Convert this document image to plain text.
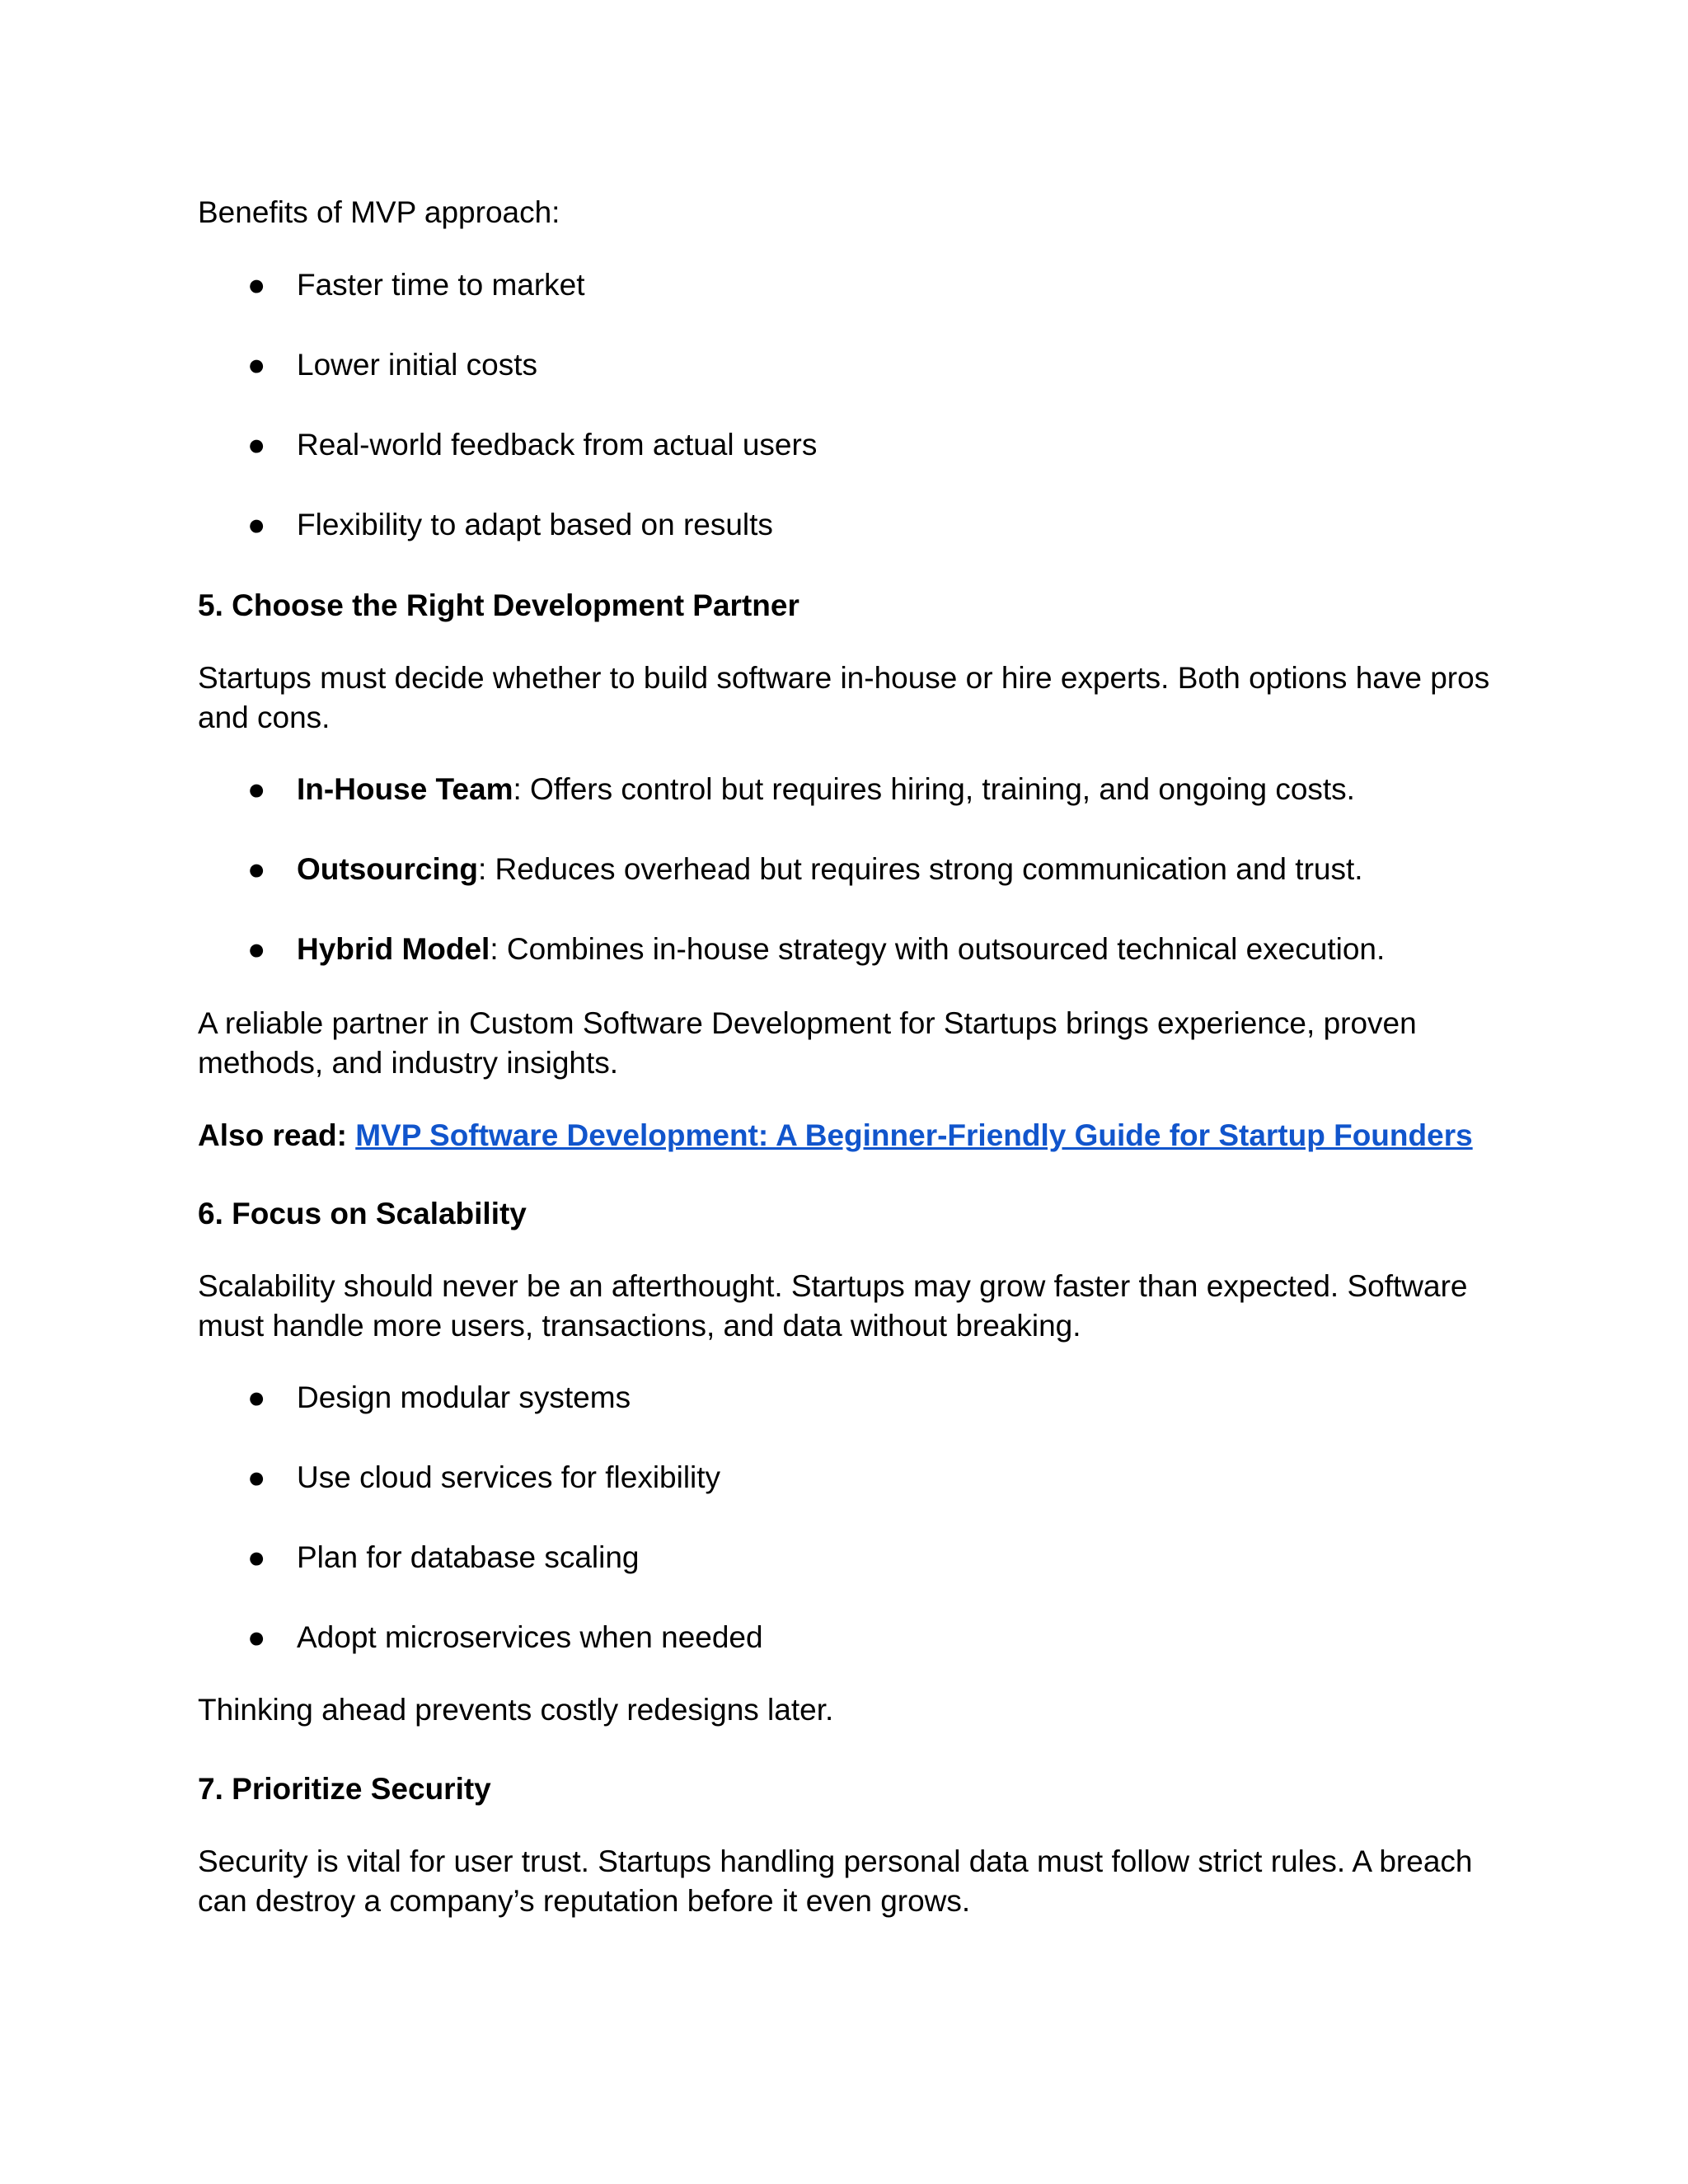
Benefits of MVP approach:

● Faster time to market
● Lower initial costs
● Real-world feedback from actual users
● Flexibility to adapt based on results

5. Choose the Right Development Partner

Startups must decide whether to build software in-house or hire experts. Both options have pros and cons.

● In-House Team: Offers control but requires hiring, training, and ongoing costs.
● Outsourcing: Reduces overhead but requires strong communication and trust.
● Hybrid Model: Combines in-house strategy with outsourced technical execution.

A reliable partner in Custom Software Development for Startups brings experience, proven methods, and industry insights.

Also read: MVP Software Development: A Beginner-Friendly Guide for Startup Founders

6. Focus on Scalability

Scalability should never be an afterthought. Startups may grow faster than expected. Software must handle more users, transactions, and data without breaking.

● Design modular systems
● Use cloud services for flexibility
● Plan for database scaling
● Adopt microservices when needed

Thinking ahead prevents costly redesigns later.

7. Prioritize Security

Security is vital for user trust. Startups handling personal data must follow strict rules. A breach can destroy a company’s reputation before it even grows.
